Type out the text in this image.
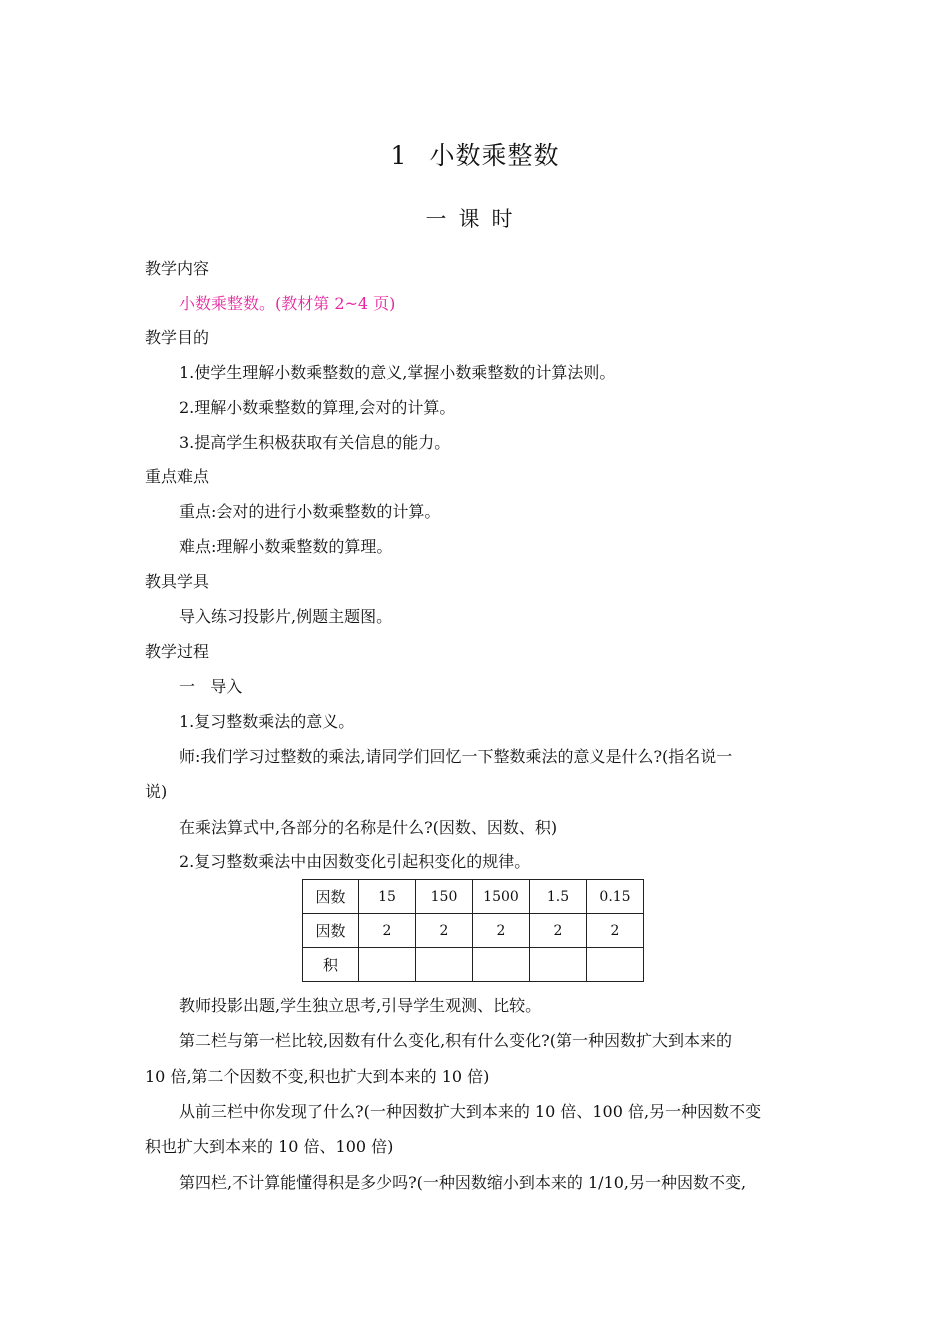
1 小数乘整数
一课时
教学内容
小数乘整数。(教材第 2~4 页)
教学目的
1.使学生理解小数乘整数的意义,掌握小数乘整数的计算法则。
2.理解小数乘整数的算理,会对的计算。
3.提高学生积极获取有关信息的能力。
重点难点
重点:会对的进行小数乘整数的计算。
难点:理解小数乘整数的算理。
教具学具
导入练习投影片,例题主题图。
教学过程
一   导入
1.复习整数乘法的意义。
师:我们学习过整数的乘法,请同学们回忆一下整数乘法的意义是什么?(指名说一
说)
在乘法算式中,各部分的名称是什么?(因数、因数、积)
2.复习整数乘法中由因数变化引起积变化的规律。
因数	15	150	1500	1.5	0.15
因数	2	2	2	2	2
积					
教师投影出题,学生独立思考,引导学生观测、比较。
第二栏与第一栏比较,因数有什么变化,积有什么变化?(第一种因数扩大到本来的
10 倍,第二个因数不变,积也扩大到本来的 10 倍)
从前三栏中你发现了什么?(一种因数扩大到本来的 10 倍、100 倍,另一种因数不变
积也扩大到本来的 10 倍、100 倍)
第四栏,不计算能懂得积是多少吗?(一种因数缩小到本来的 1/10,另一种因数不变,
